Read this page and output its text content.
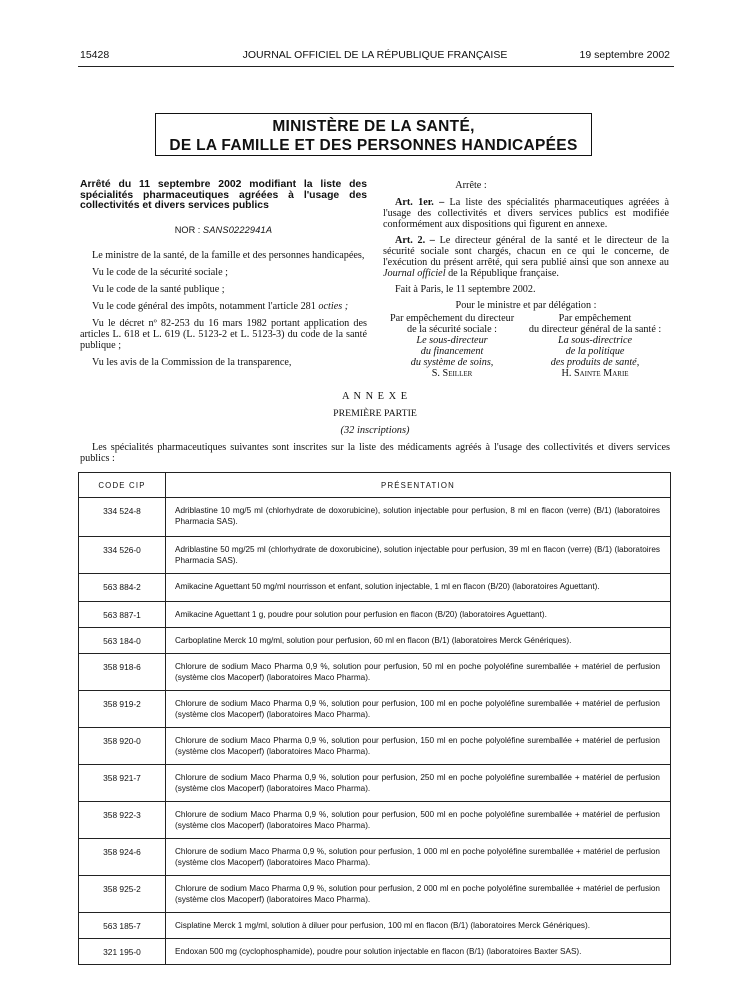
15428	JOURNAL OFFICIEL DE LA RÉPUBLIQUE FRANÇAISE	19 septembre 2002
MINISTÈRE DE LA SANTÉ,
DE LA FAMILLE ET DES PERSONNES HANDICAPÉES
Arrêté du 11 septembre 2002 modifiant la liste des spécialités pharmaceutiques agréées à l'usage des collectivités et divers services publics
NOR : SANS0222941A
Le ministre de la santé, de la famille et des personnes handicapées,
Vu le code de la sécurité sociale ;
Vu le code de la santé publique ;
Vu le code général des impôts, notamment l'article 281 octies ;
Vu le décret nº 82-253 du 16 mars 1982 portant application des articles L. 618 et L. 619 (L. 5123-2 et L. 5123-3) du code de la santé publique ;
Vu les avis de la Commission de la transparence,
Arrête :
Art. 1er. – La liste des spécialités pharmaceutiques agréées à l'usage des collectivités et divers services publics est modifiée conformément aux dispositions qui figurent en annexe.
Art. 2. – Le directeur général de la santé et le directeur de la sécurité sociale sont chargés, chacun en ce qui le concerne, de l'exécution du présent arrêté, qui sera publié ainsi que son annexe au Journal officiel de la République française.
Fait à Paris, le 11 septembre 2002.
Pour le ministre et par délégation :
Par empêchement du directeur
de la sécurité sociale :
Le sous-directeur
du financement
du système de soins,
S. Seiller
Par empêchement
du directeur général de la santé :
La sous-directrice
de la politique
des produits de santé,
H. Sainte Marie
A N N E X E
PREMIÈRE PARTIE
(32 inscriptions)
Les spécialités pharmaceutiques suivantes sont inscrites sur la liste des médicaments agréés à l'usage des collectivités et divers services publics :
CODE CIP	PRÉSENTATION
334 524-8	Adriblastine 10 mg/5 ml (chlorhydrate de doxorubicine), solution injectable pour perfusion, 8 ml en flacon (verre) (B/1) (laboratoires Pharmacia SAS).
334 526-0	Adriblastine 50 mg/25 ml (chlorhydrate de doxorubicine), solution injectable pour perfusion, 39 ml en flacon (verre) (B/1) (laboratoires Pharmacia SAS).
563 884-2	Amikacine Aguettant 50 mg/ml nourrisson et enfant, solution injectable, 1 ml en flacon (B/20) (laboratoires Aguettant).
563 887-1	Amikacine Aguettant 1 g, poudre pour solution pour perfusion en flacon (B/20) (laboratoires Aguettant).
563 184-0	Carboplatine Merck 10 mg/ml, solution pour perfusion, 60 ml en flacon (B/1) (laboratoires Merck Génériques).
358 918-6	Chlorure de sodium Maco Pharma 0,9 %, solution pour perfusion, 50 ml en poche polyoléfine suremballée + matériel de perfusion (système clos Macoperf) (laboratoires Maco Pharma).
358 919-2	Chlorure de sodium Maco Pharma 0,9 %, solution pour perfusion, 100 ml en poche polyoléfine suremballée + matériel de perfusion (système clos Macoperf) (laboratoires Maco Pharma).
358 920-0	Chlorure de sodium Maco Pharma 0,9 %, solution pour perfusion, 150 ml en poche polyoléfine suremballée + matériel de perfusion (système clos Macoperf) (laboratoires Maco Pharma).
358 921-7	Chlorure de sodium Maco Pharma 0,9 %, solution pour perfusion, 250 ml en poche polyoléfine suremballée + matériel de perfusion (système clos Macoperf) (laboratoires Maco Pharma).
358 922-3	Chlorure de sodium Maco Pharma 0,9 %, solution pour perfusion, 500 ml en poche polyoléfine suremballée + matériel de perfusion (système clos Macoperf) (laboratoires Maco Pharma).
358 924-6	Chlorure de sodium Maco Pharma 0,9 %, solution pour perfusion, 1 000 ml en poche polyoléfine suremballée + matériel de perfusion (système clos Macoperf) (laboratoires Maco Pharma).
358 925-2	Chlorure de sodium Maco Pharma 0,9 %, solution pour perfusion, 2 000 ml en poche polyoléfine suremballée + matériel de perfusion (système clos Macoperf) (laboratoires Maco Pharma).
563 185-7	Cisplatine Merck 1 mg/ml, solution à diluer pour perfusion, 100 ml en flacon (B/1) (laboratoires Merck Génériques).
321 195-0	Endoxan 500 mg (cyclophosphamide), poudre pour solution injectable en flacon (B/1) (laboratoires Baxter SAS).
